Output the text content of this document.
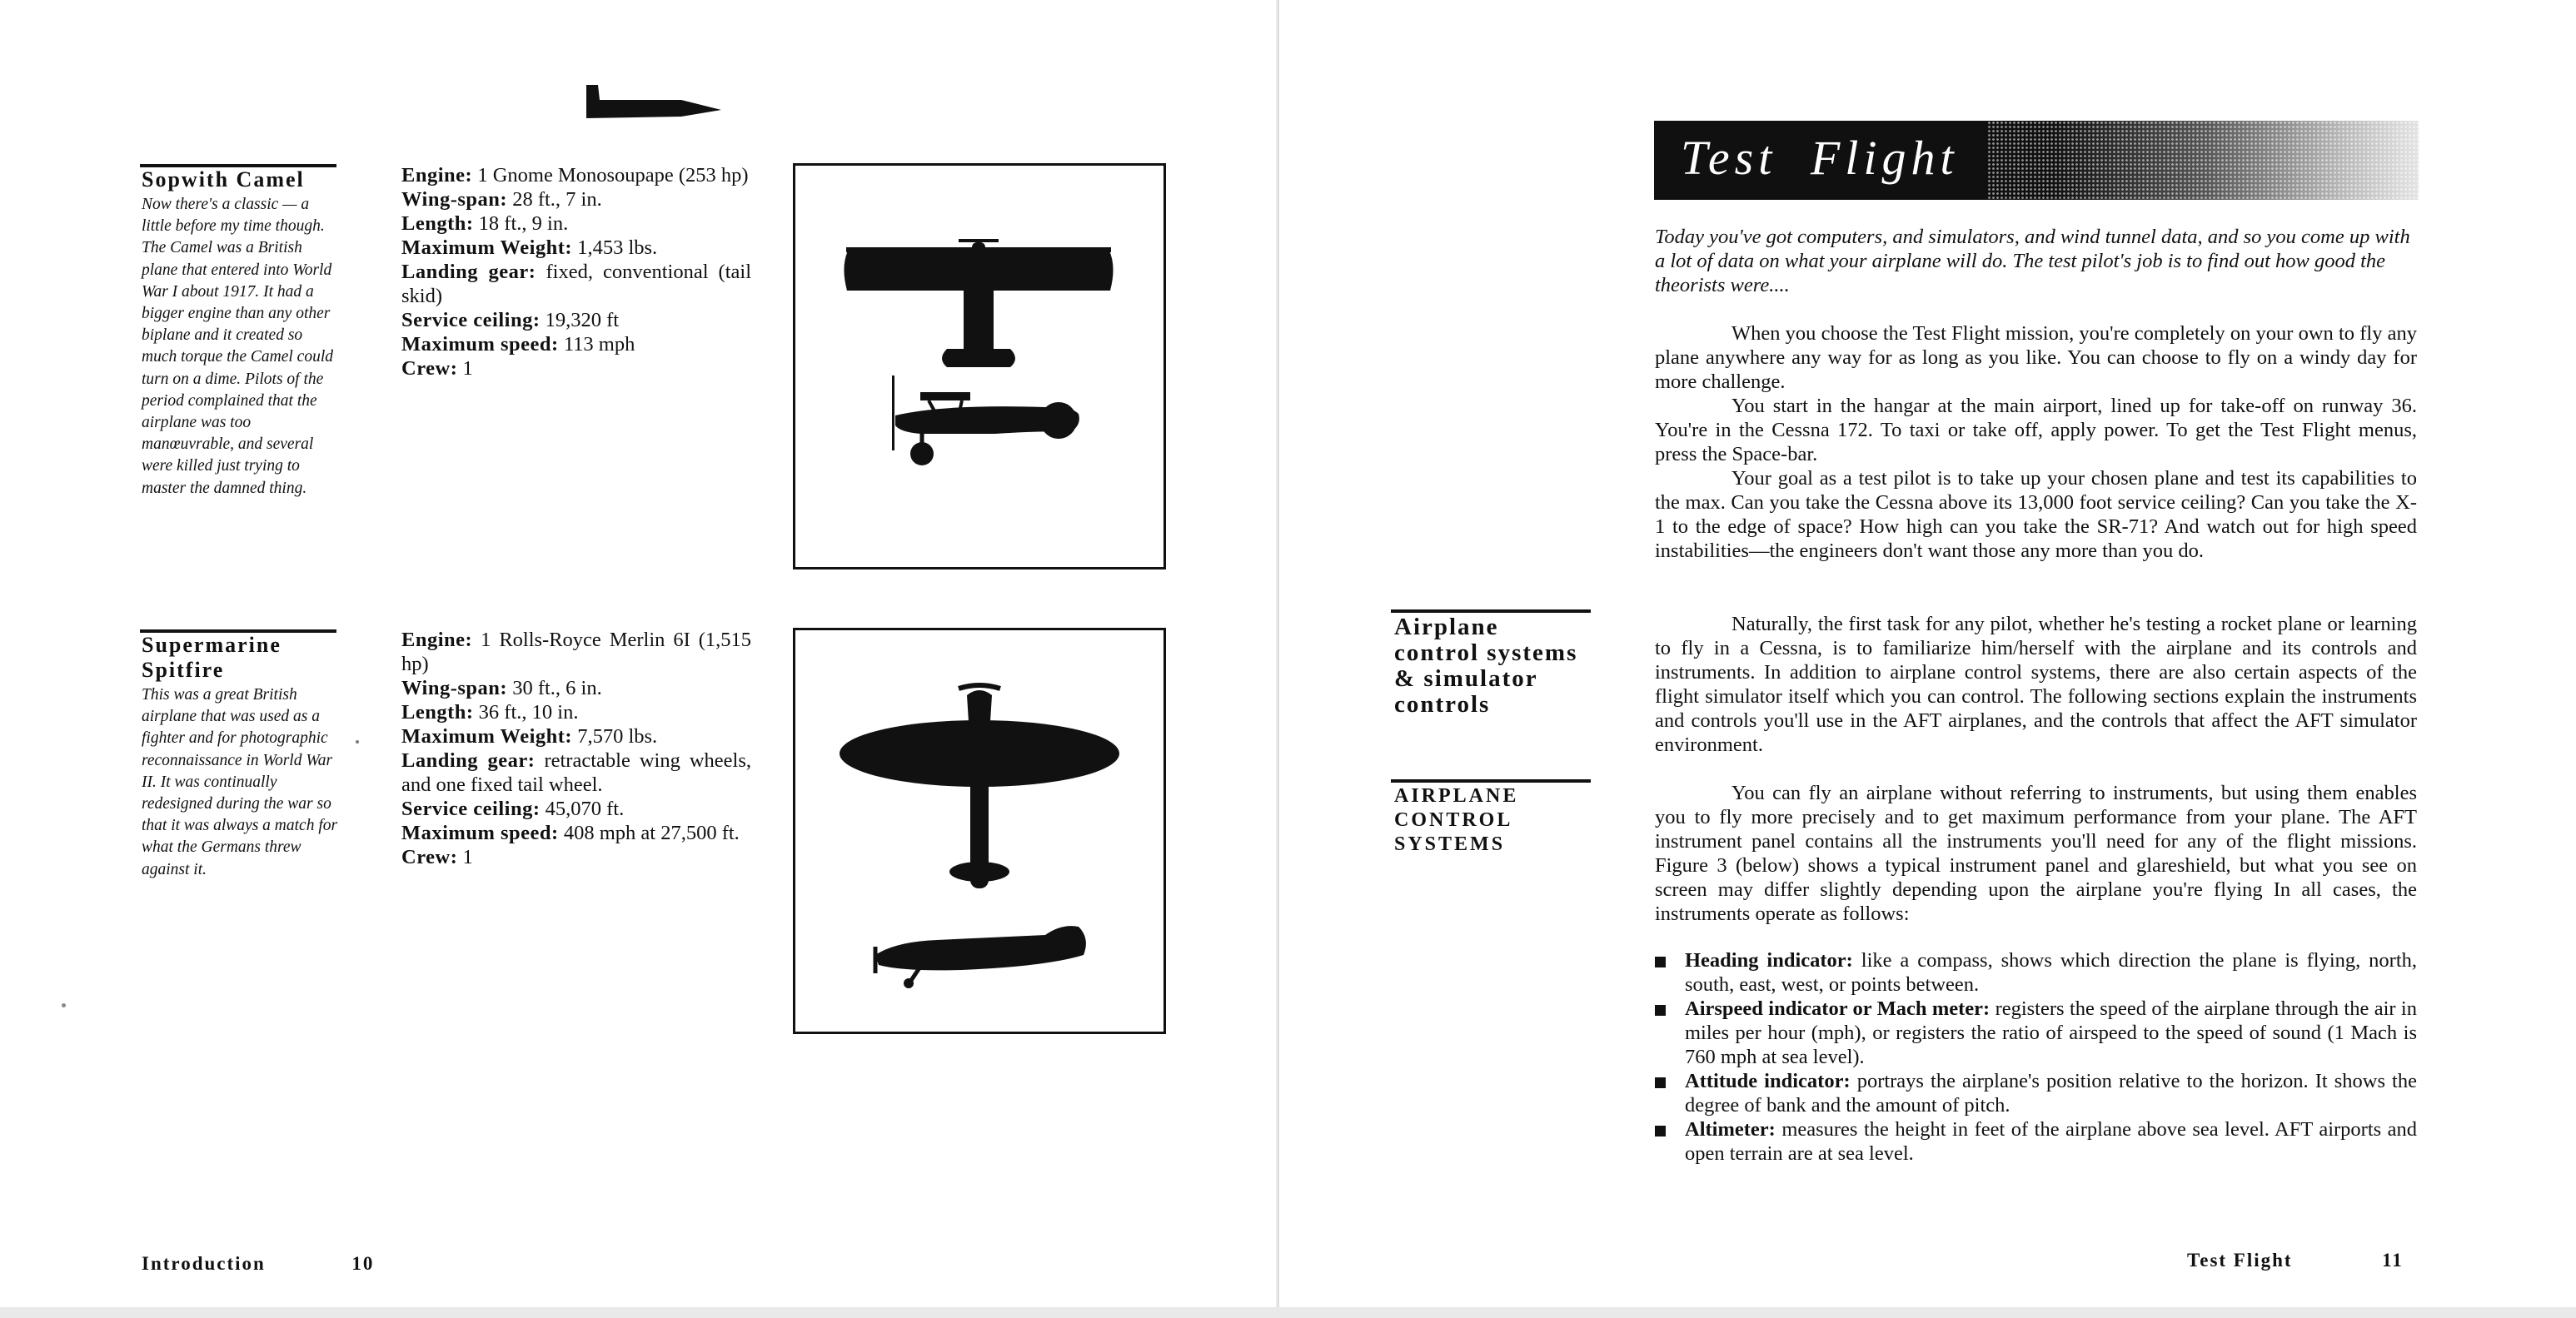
Sopwith Camel

Now there's a classic — a little before my time though. The Camel was a British plane that entered into World War I about 1917. It had a bigger engine than any other biplane and it created so much torque the Camel could turn on a dime. Pilots of the period complained that the airplane was too manœuvrable, and several were killed just trying to master the damned thing.

Engine: 1 Gnome Monosoupape (253 hp)

Wing-span: 28 ft., 7 in.

Length: 18 ft., 9 in.

Maximum Weight: 1,453 lbs.

Landing gear: fixed, conventional (tail skid)

Service ceiling: 19,320 ft

Maximum speed: 113 mph

Crew: 1

Supermarine Spitfire

This was a great British airplane that was used as a fighter and for photographic reconnaissance in World War II. It was continually redesigned during the war so that it was always a match for what the Germans threw against it.

Engine: 1 Rolls-Royce Merlin 6I (1,515 hp)

Wing-span: 30 ft., 6 in.

Length: 36 ft., 10 in.

Maximum Weight: 7,570 lbs.

Landing gear: retractable wing wheels, and one fixed tail wheel.

Service ceiling: 45,070 ft.

Maximum speed: 408 mph at 27,500 ft.

Crew: 1

Introduction	10
Test Flight

Today you've got computers, and simulators, and wind tunnel data, and so you come up with a lot of data on what your airplane will do. The test pilot's job is to find out how good the theorists were....

When you choose the Test Flight mission, you're completely on your own to fly any plane anywhere any way for as long as you like. You can choose to fly on a windy day for more challenge.

You start in the hangar at the main airport, lined up for take-off on runway 36. You're in the Cessna 172. To taxi or take off, apply power. To get the Test Flight menus, press the Space-bar.

Your goal as a test pilot is to take up your chosen plane and test its capabilities to the max. Can you take the Cessna above its 13,000 foot service ceiling? Can you take the X-1 to the edge of space? How high can you take the SR-71? And watch out for high speed instabilities—the engineers don't want those any more than you do.

Airplane control systems & simulator controls

Naturally, the first task for any pilot, whether he's testing a rocket plane or learning to fly in a Cessna, is to familiarize him/herself with the airplane and its controls and instruments. In addition to airplane control systems, there are also certain aspects of the flight simulator itself which you can control. The following sections explain the instruments and controls you'll use in the AFT airplanes, and the controls that affect the AFT simulator environment.

AIRPLANE CONTROL SYSTEMS

You can fly an airplane without referring to instruments, but using them enables you to fly more precisely and to get maximum performance from your plane. The AFT instrument panel contains all the instruments you'll need for any of the flight missions. Figure 3 (below) shows a typical instrument panel and glareshield, but what you see on screen may differ slightly depending upon the airplane you're flying In all cases, the instruments operate as follows:

Heading indicator: like a compass, shows which direction the plane is flying, north, south, east, west, or points between.
Airspeed indicator or Mach meter: registers the speed of the airplane through the air in miles per hour (mph), or registers the ratio of airspeed to the speed of sound (1 Mach is 760 mph at sea level).
Attitude indicator: portrays the airplane's position relative to the horizon. It shows the degree of bank and the amount of pitch.
Altimeter: measures the height in feet of the airplane above sea level. AFT airports and open terrain are at sea level.
Test Flight	11
